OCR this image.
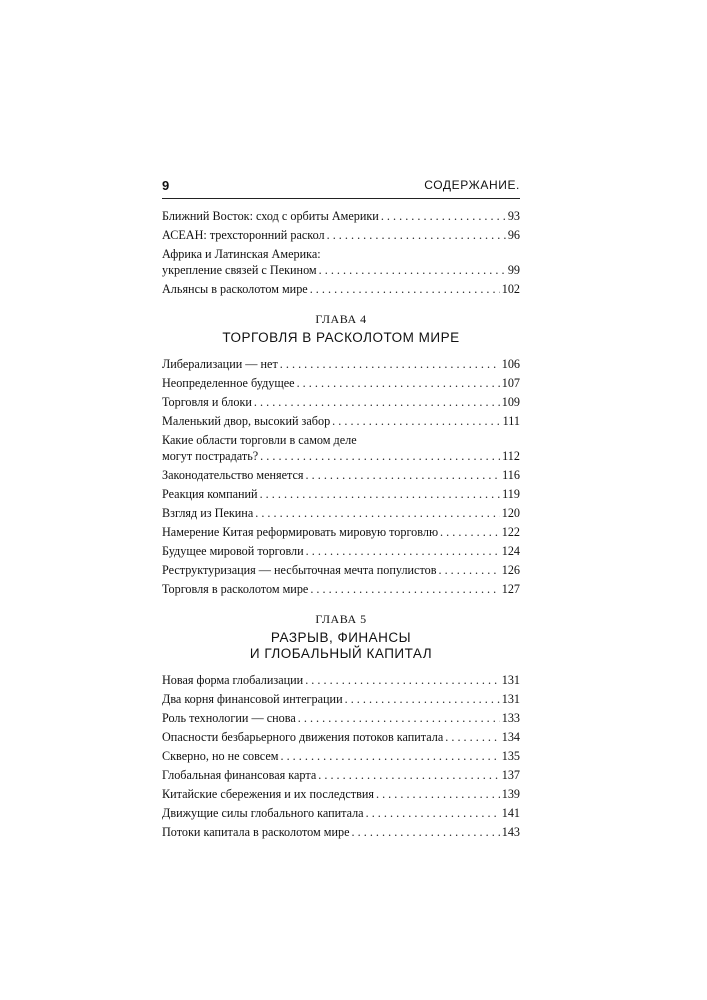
9	СОДЕРЖАНИЕ.
Ближний Восток: сход с орбиты Америки . . .	93
АСЕАН: трехсторонний раскол . . .	96
Африка и Латинская Америка:
укрепление связей с Пекином . . .	99
Альянсы в расколотом мире . . .	102
ГЛАВА 4
ТОРГОВЛЯ В РАСКОЛОТОМ МИРЕ
Либерализации — нет . . .	106
Неопределенное будущее . . .	107
Торговля и блоки . . .	109
Маленький двор, высокий забор . . .	111
Какие области торговли в самом деле
могут пострадать? . . .	112
Законодательство меняется . . .	116
Реакция компаний . . .	119
Взгляд из Пекина . . .	120
Намерение Китая реформировать мировую торговлю . . .	122
Будущее мировой торговли . . .	124
Реструктуризация — несбыточная мечта популистов . . .	126
Торговля в расколотом мире . . .	127
ГЛАВА 5
РАЗРЫВ, ФИНАНСЫ
И ГЛОБАЛЬНЫЙ КАПИТАЛ
Новая форма глобализации . . .	131
Два корня финансовой интеграции . . .	131
Роль технологии — снова . . .	133
Опасности безбарьерного движения потоков капитала . . .	134
Скверно, но не совсем . . .	135
Глобальная финансовая карта . . .	137
Китайские сбережения и их последствия . . .	139
Движущие силы глобального капитала . . .	141
Потоки капитала в расколотом мире . . .	143
